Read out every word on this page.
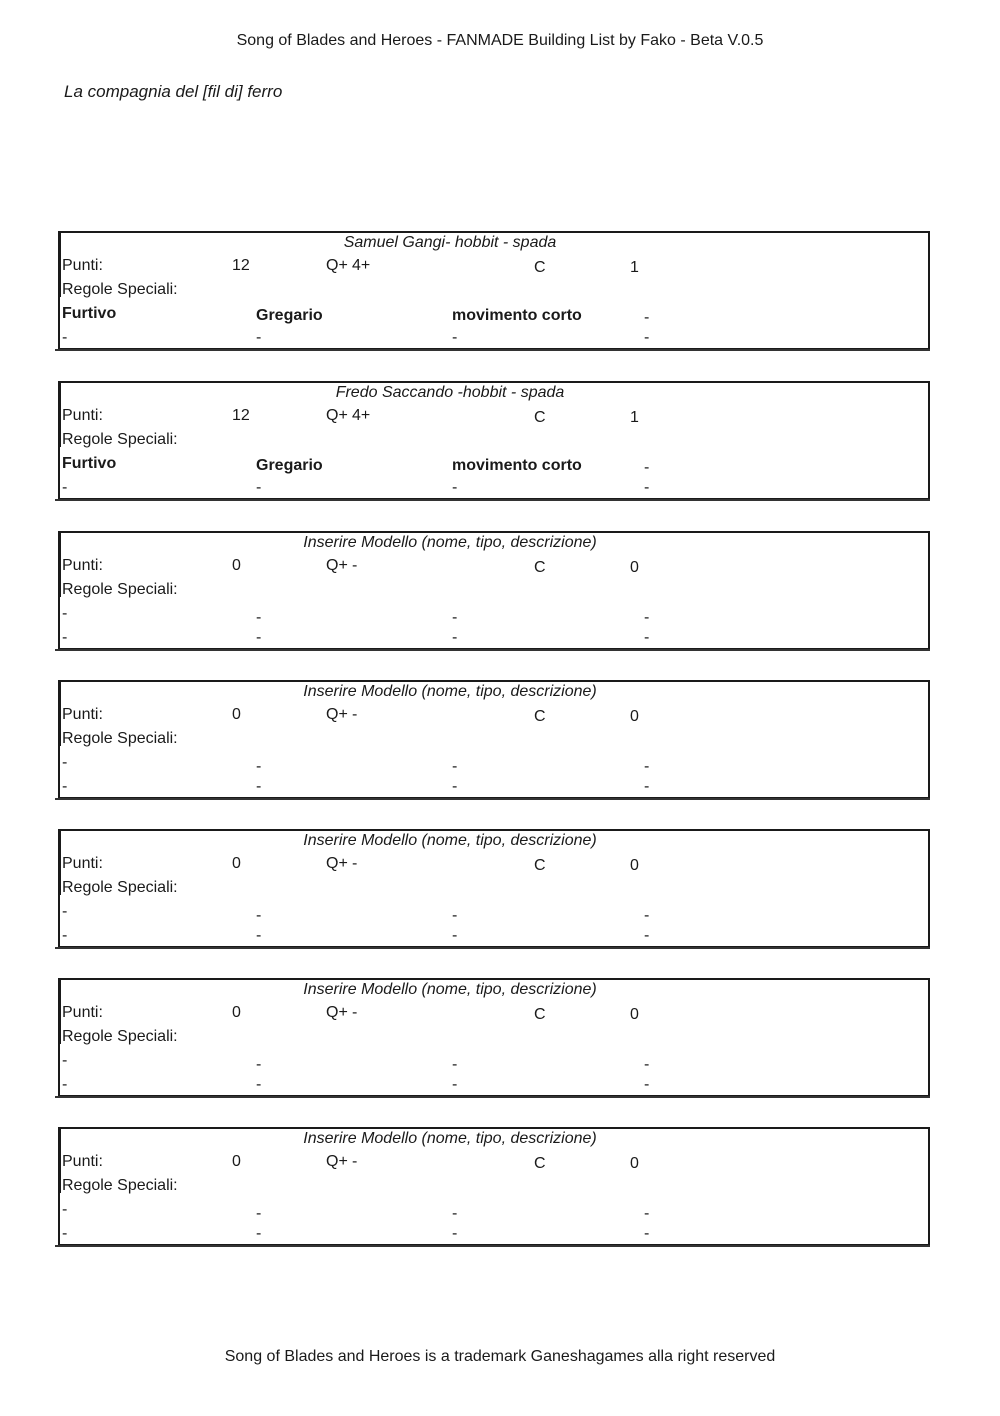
Song of Blades and Heroes - FANMADE Building List by Fako - Beta V.0.5
La compagnia del [fil di] ferro
Samuel Gangi- hobbit - spada
Punti:	12	Q+ 4+	C	1
Regole Speciali:
Furtivo	Gregario	movimento corto	-
-	-	-	-
Fredo Saccando -hobbit - spada
Punti:	12	Q+ 4+	C	1
Regole Speciali:
Furtivo	Gregario	movimento corto	-
-	-	-	-
Inserire Modello (nome, tipo, descrizione)
Punti:	0	Q+ -	C	0
Regole Speciali:
-	-	-	-
-	-	-	-
Inserire Modello (nome, tipo, descrizione)
Punti:	0	Q+ -	C	0
Regole Speciali:
-	-	-	-
-	-	-	-
Inserire Modello (nome, tipo, descrizione)
Punti:	0	Q+ -	C	0
Regole Speciali:
-	-	-	-
-	-	-	-
Inserire Modello (nome, tipo, descrizione)
Punti:	0	Q+ -	C	0
Regole Speciali:
-	-	-	-
-	-	-	-
Inserire Modello (nome, tipo, descrizione)
Punti:	0	Q+ -	C	0
Regole Speciali:
-	-	-	-
-	-	-	-
Song of Blades and Heroes is a trademark Ganeshagames alla right reserved
